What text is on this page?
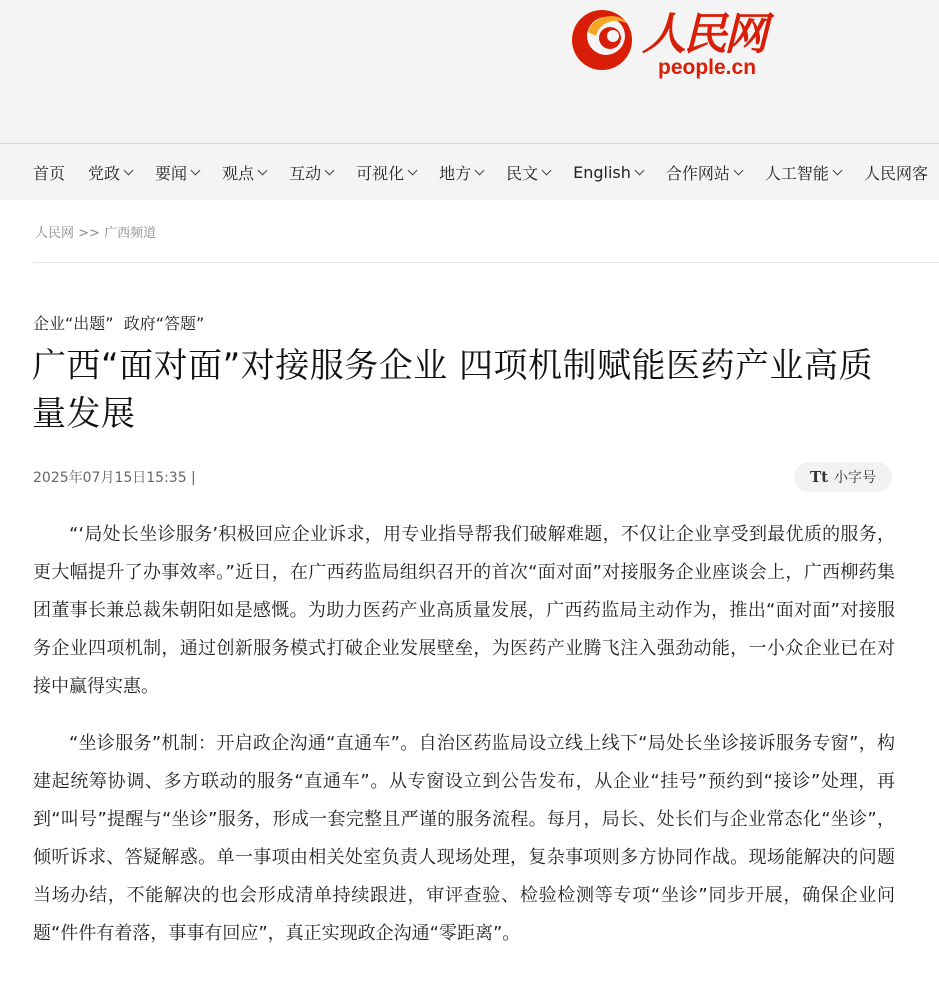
人民网
people.cn
首页 党政 要闻 观点 互动 可视化 地方 民文 English 合作网站 人工智能 人民网客
人民网 >> 广西频道
企业“出题”  政府“答题”
广西“面对面”对接服务企业 四项机制赋能医药产业高质量发展
2025年07月15日15:35 |	Tt 小字号

“‘局处长坐诊服务’积极回应企业诉求，用专业指导帮我们破解难题，不仅让企业享受到最优质的服务，更大幅提升了办事效率。”近日，在广西药监局组织召开的首次“面对面”对接服务企业座谈会上，广西柳药集团董事长兼总裁朱朝阳如是感慨。为助力医药产业高质量发展，广西药监局主动作为，推出“面对面”对接服务企业四项机制，通过创新服务模式打破企业发展壁垒，为医药产业腾飞注入强劲动能，一小众企业已在对接中赢得实惠。

“坐诊服务”机制：开启政企沟通“直通车”。自治区药监局设立线上线下“局处长坐诊接诉服务专窗”，构建起统筹协调、多方联动的服务“直通车”。从专窗设立到公告发布，从企业“挂号”预约到“接诊”处理，再到“叫号”提醒与“坐诊”服务，形成一套完整且严谨的服务流程。每月，局长、处长们与企业常态化“坐诊”，倾听诉求、答疑解惑。单一事项由相关处室负责人现场处理，复杂事项则多方协同作战。现场能解决的问题当场办结，不能解决的也会形成清单持续跟进，审评查验、检验检测等专项“坐诊”同步开展，确保企业问题“件件有着落，事事有回应”，真正实现政企沟通“零距离”。
